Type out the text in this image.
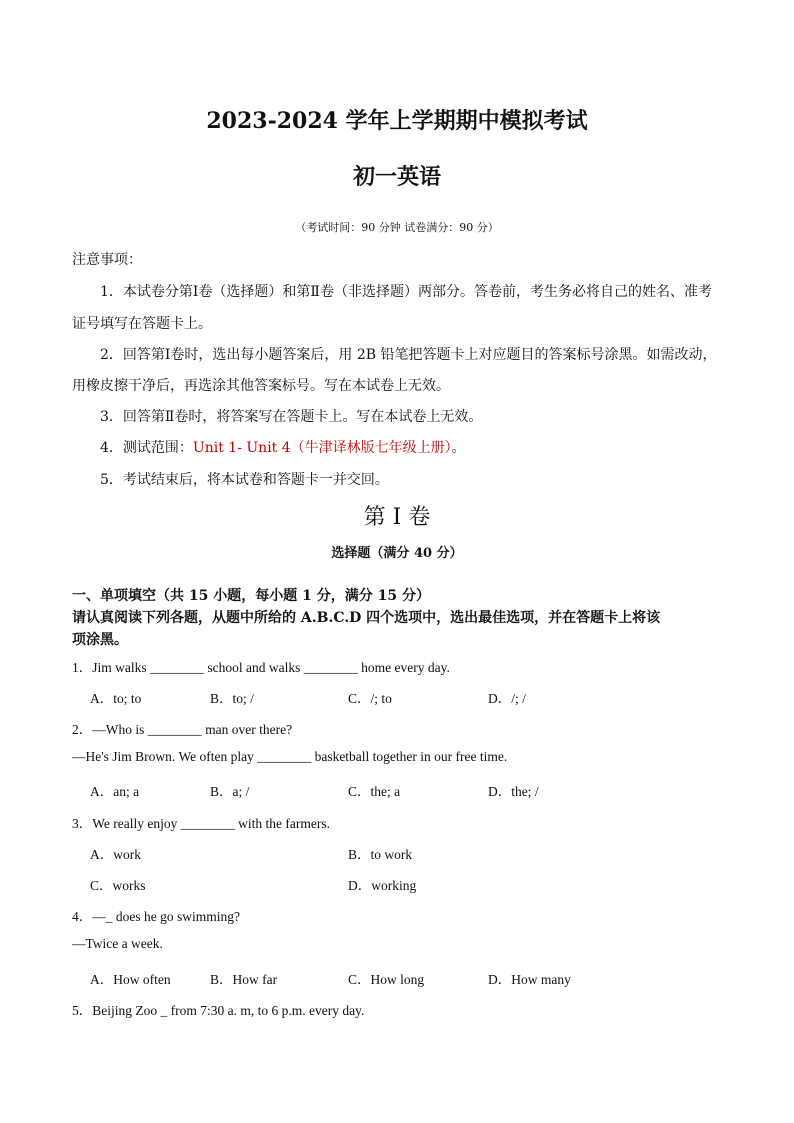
2023-2024 学年上学期期中模拟考试
初一英语
（考试时间：90 分钟 试卷满分：90 分）
注意事项：
1．本试卷分第Ⅰ卷（选择题）和第Ⅱ卷（非选择题）两部分。答卷前，考生务必将自己的姓名、准考
证号填写在答题卡上。
2．回答第Ⅰ卷时，选出每小题答案后，用 2B 铅笔把答题卡上对应题目的答案标号涂黑。如需改动，
用橡皮擦干净后，再选涂其他答案标号。写在本试卷上无效。
3．回答第Ⅱ卷时，将答案写在答题卡上。写在本试卷上无效。
4．测试范围：Unit 1- Unit 4（牛津译林版七年级上册）。
5．考试结束后，将本试卷和答题卡一并交回。
第 Ⅰ 卷
选择题（满分 40 分）
一、单项填空（共 15 小题，每小题 1 分，满分 15 分）
请认真阅读下列各题，从题中所给的 A.B.C.D 四个选项中，选出最佳选项，并在答题卡上将该
项涂黑。
1．Jim walks ________ school and walks ________ home every day.
A．to; to	B．to; /	C．/; to	D．/; /
2．—Who is ________ man over there?
—He's Jim Brown. We often play ________ basketball together in our free time.
A．an; a	B．a; /	C．the; a	D．the; /
3．We really enjoy ________ with the farmers.
A．work	B．to work
C．works	D．working
4．—_ does he go swimming?
—Twice a week.
A．How often	B．How far	C．How long	D．How many
5．Beijing Zoo _ from 7:30 a. m, to 6 p.m. every day.
